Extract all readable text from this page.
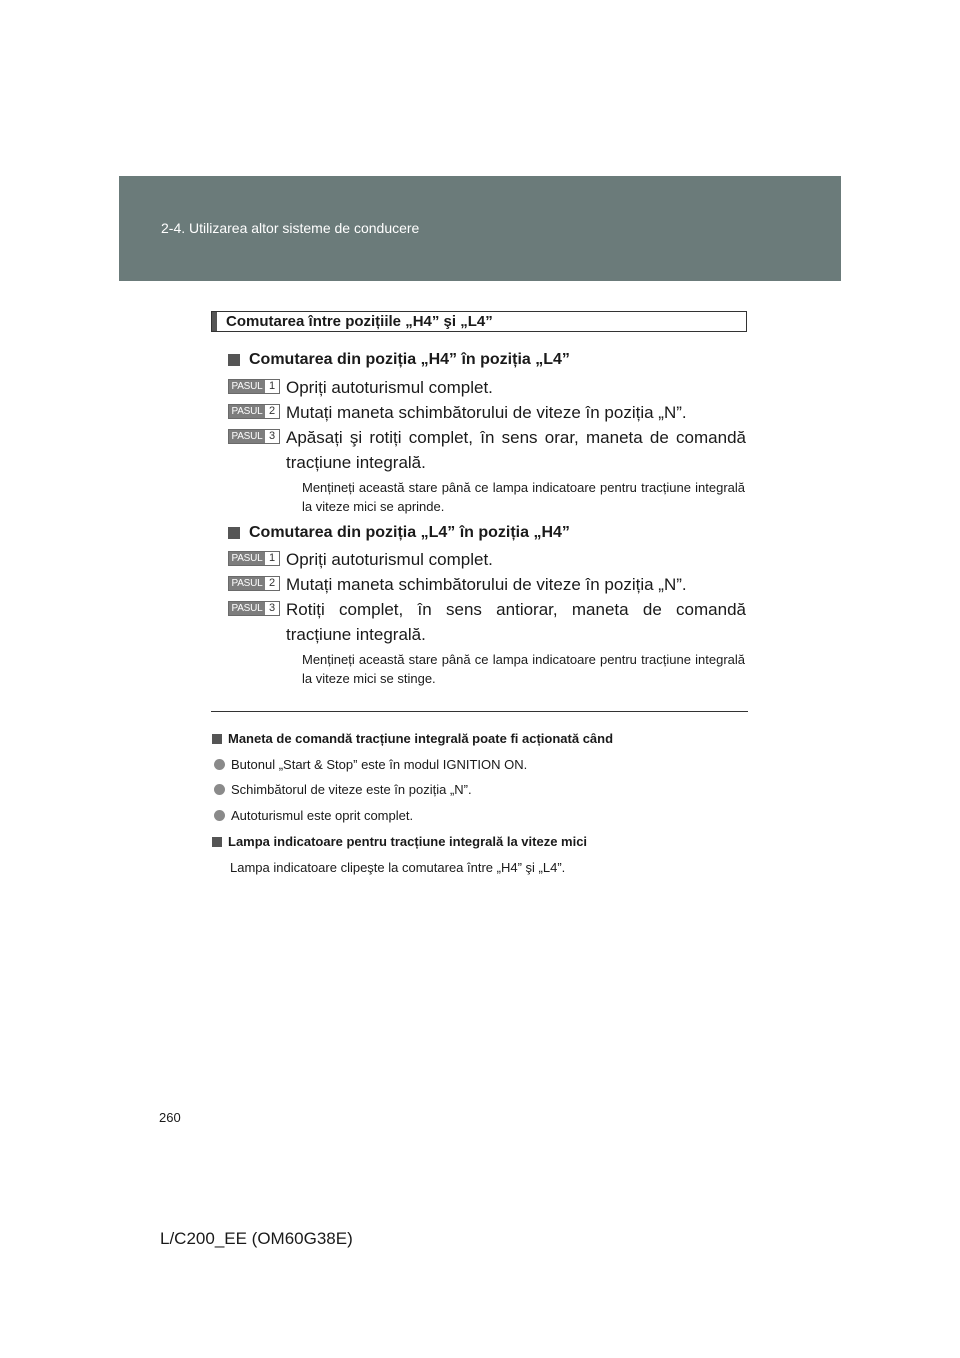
2-4. Utilizarea altor sisteme de conducere
Comutarea între pozițiile „H4” şi „L4”
Comutarea din poziția „H4” în poziția „L4”
PASUL 1 Opriți autoturismul complet.
PASUL 2 Mutați maneta schimbătorului de viteze în poziția „N”.
PASUL 3 Apăsați şi rotiți complet, în sens orar, maneta de comandă tracțiune integrală.
Mențineți această stare până ce lampa indicatoare pentru tracțiune integrală la viteze mici se aprinde.
Comutarea din poziția „L4” în poziția „H4”
PASUL 1 Opriți autoturismul complet.
PASUL 2 Mutați maneta schimbătorului de viteze în poziția „N”.
PASUL 3 Rotiți complet, în sens antiorar, maneta de comandă tracțiune integrală.
Mențineți această stare până ce lampa indicatoare pentru tracțiune integrală la viteze mici se stinge.
Maneta de comandă tracțiune integrală poate fi acționată când
Butonul „Start & Stop” este în modul IGNITION ON.
Schimbătorul de viteze este în poziția „N”.
Autoturismul este oprit complet.
Lampa indicatoare pentru tracțiune integrală la viteze mici
Lampa indicatoare clipeşte la comutarea între „H4” şi „L4”.
260
L/C200_EE (OM60G38E)
